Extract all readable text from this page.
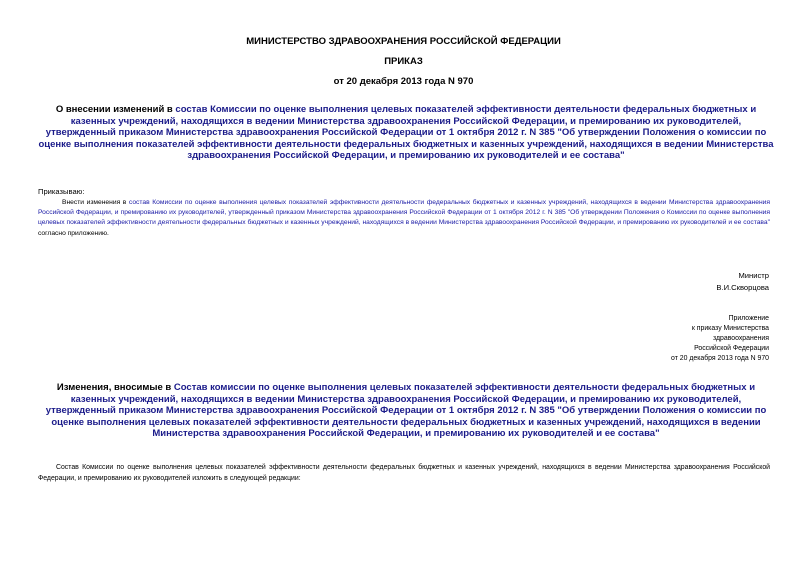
МИНИСТЕРСТВО ЗДРАВООХРАНЕНИЯ РОССИЙСКОЙ ФЕДЕРАЦИИ
ПРИКАЗ
от 20 декабря 2013 года N 970
О внесении изменений в состав Комиссии по оценке выполнения целевых показателей эффективности деятельности федеральных бюджетных и казенных учреждений, находящихся в ведении Министерства здравоохранения Российской Федерации, и премированию их руководителей, утвержденный приказом Министерства здравоохранения Российской Федерации от 1 октября 2012 г. N 385 "Об утверждении Положения о комиссии по оценке выполнения показателей эффективности деятельности федеральных бюджетных и казенных учреждений, находящихся в ведении Министерства здравоохранения Российской Федерации, и премированию их руководителей и ее состава"
Приказываю:
Внести изменения в состав Комиссии по оценке выполнения целевых показателей эффективности деятельности федеральных бюджетных и казенных учреждений, находящихся в ведении Министерства здравоохранения Российской Федерации, и премированию их руководителей, утвержденный приказом Министерства здравоохранения Российской Федерации от 1 октября 2012 г. N 385 "Об утверждении Положения о Комиссии по оценке выполнения целевых показателей эффективности деятельности федеральных бюджетных и казенных учреждений, находящихся в ведении Министерства здравоохранения Российской Федерации, и премированию их руководителей и ее состава" согласно приложению.
Министр
В.И.Скворцова
Приложение
к приказу Министерства
здравоохранения
Российской Федерации
от 20 декабря 2013 года N 970
Изменения, вносимые в Состав комиссии по оценке выполнения целевых показателей эффективности деятельности федеральных бюджетных и казенных учреждений, находящихся в ведении Министерства здравоохранения Российской Федерации, и премированию их руководителей, утвержденный приказом Министерства здравоохранения Российской Федерации от 1 октября 2012 г. N 385 "Об утверждении Положения о комиссии по оценке выполнения целевых показателей эффективности деятельности федеральных бюджетных и казенных учреждений, находящихся в ведении Министерства здравоохранения Российской Федерации, и премированию их руководителей и ее состава"
Состав Комиссии по оценке выполнения целевых показателей эффективности деятельности федеральных бюджетных и казенных учреждений, находящихся в ведении Министерства здравоохранения Российской Федерации, и премированию их руководителей изложить в следующей редакции:
